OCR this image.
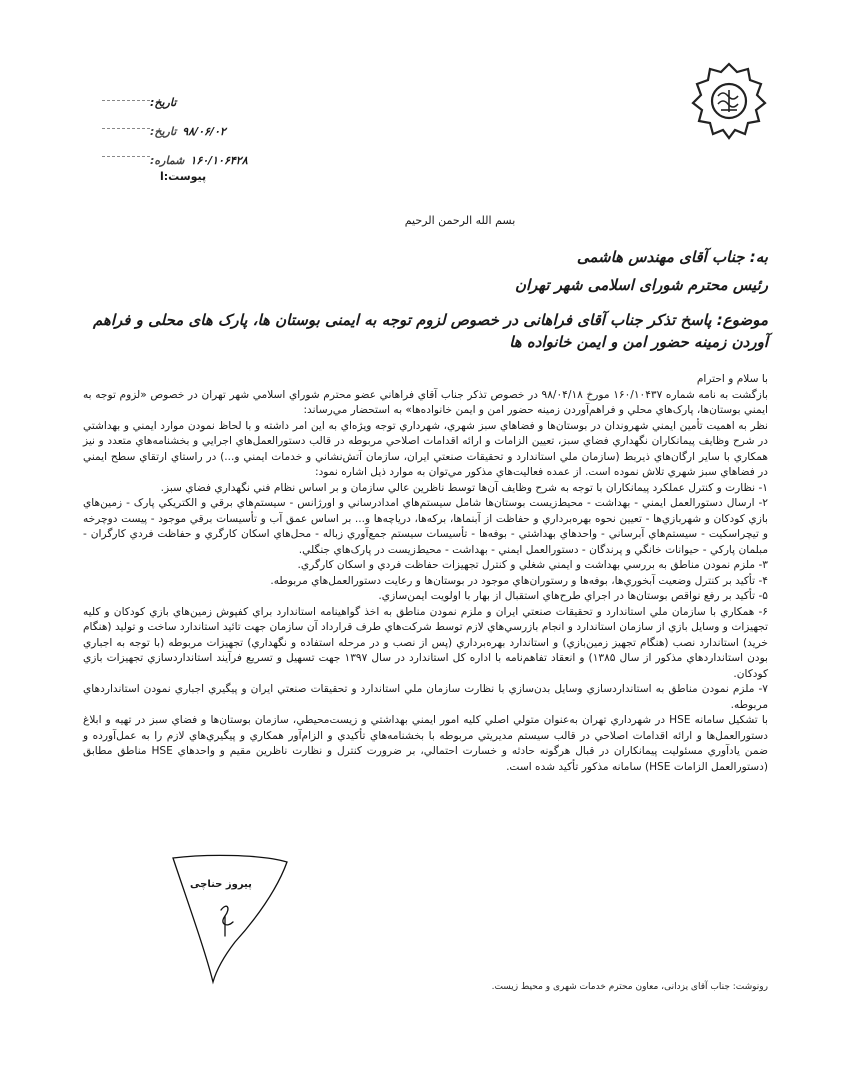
تاریخ:
۹۸/۰۶/۰۲
تاریخ:
۱۶۰/۱۰۶۴۲۸
شماره:
پیوست:ا
بسم الله الرحمن الرحیم
به: جناب آقای مهندس هاشمی
رئیس محترم شورای اسلامی شهر تهران
موضوع: پاسخ تذکر جناب آقای فراهانی در خصوص لزوم توجه به ایمنی بوستان ها، پارک های محلی و فراهم آوردن زمینه حضور امن و ایمن خانواده ها

با سلام و احترام

بازگشت به نامه شماره ۱۶۰/۱۰۴۳۷ مورخ ۹۸/۰۴/۱۸ در خصوص تذکر جناب آقاي فراهاني عضو محترم شوراي اسلامي شهر تهران در خصوص «لزوم توجه به ايمني بوستان‌ها، پارک‌هاي محلي و فراهم‌آوردن زمينه حضور امن و ايمن خانواده‌ها» به استحضار مي‌رساند:

نظر به اهميت تأمين ايمني شهروندان در بوستان‌ها و فضاهاي سبز شهري، شهرداري توجه ويژه‌اي به اين امر داشته و با لحاظ نمودن موارد ايمني و بهداشتي در شرح وظايف پيمانکاران نگهداري فضاي سبز، تعيين الزامات و ارائه اقدامات اصلاحي مربوطه در قالب دستورالعمل‌هاي اجرايي و بخشنامه‌هاي متعدد و نيز همکاري با ساير ارگان‌هاي ذيربط (سازمان ملي استاندارد و تحقيقات صنعتي ايران، سازمان آتش‌نشاني و خدمات ايمني و...) در راستاي ارتقاي سطح ايمني در فضاهاي سبز شهري تلاش نموده است. از عمده فعاليت‌هاي مذکور مي‌توان به موارد ذيل اشاره نمود:

۱- نظارت و کنترل عملکرد پيمانکاران با توجه به شرح وظايف آن‌ها توسط ناظرين عالي سازمان و بر اساس نظام فني نگهداري فضاي سبز.

۲- ارسال دستورالعمل ايمني - بهداشت - محيط‌زيست بوستان‌ها شامل سيستم‌هاي امدادرساني و اورژانس - سيستم‌هاي برقي و الکتريکي پارک - زمين‌هاي بازي کودکان و شهربازي‌ها - تعيين نحوه بهره‌برداري و حفاظت از آبنماها، برکه‌ها، درياچه‌ها و... بر اساس عمق آب و تأسيسات برقي موجود - پيست دوچرخه و تيچراسکيت - سيستم‌هاي آبرساني - واحدهاي بهداشتي - بوفه‌ها - تأسيسات سيستم جمع‌آوري زباله - محل‌هاي اسکان کارگري و حفاظت فردي کارگران - مبلمان پارکي - حيوانات خانگي و پرندگان - دستورالعمل ايمني - بهداشت - محيط‌زيست در پارک‌هاي جنگلي.

۳- ملزم نمودن مناطق به بررسي بهداشت و ايمني شغلي و کنترل تجهيزات حفاظت فردي و اسکان کارگري.

۴- تأکيد بر کنترل وضعيت آبخوري‌ها، بوفه‌ها و رستوران‌هاي موجود در بوستان‌ها و رعايت دستورالعمل‌هاي مربوطه.

۵- تأکيد بر رفع نواقص بوستان‌ها در اجراي طرح‌هاي استقبال از بهار با اولويت ايمن‌سازي.

۶- همکاري با سازمان ملي استاندارد و تحقيقات صنعتي ايران و ملزم نمودن مناطق به اخذ گواهينامه استاندارد براي کفپوش زمين‌هاي بازي کودکان و کليه تجهيزات و وسايل بازي از سازمان استاندارد و انجام بازرسي‌هاي لازم توسط شرکت‌هاي طرف قرارداد آن سازمان جهت تائيد استاندارد ساخت و توليد (هنگام خريد) استاندارد نصب (هنگام تجهيز زمين‌بازي) و استاندارد بهره‌برداري (پس از نصب و در مرحله استفاده و نگهداري) تجهيزات مربوطه (با توجه به اجباري بودن استانداردهاي مذکور از سال ۱۳۸۵) و انعقاد تفاهم‌نامه با اداره کل استاندارد در سال ۱۳۹۷ جهت تسهيل و تسريع فرآيند استانداردسازي تجهيزات بازي کودکان.

۷- ملزم نمودن مناطق به استانداردسازي وسايل بدن‌سازي با نظارت سازمان ملي استاندارد و تحقيقات صنعتي ايران و پيگيري اجباري نمودن استانداردهاي مربوطه.

با تشکيل سامانه HSE در شهرداري تهران به‌عنوان متولي اصلي کليه امور ايمني بهداشتي و زيست‌محيطي، سازمان بوستان‌ها و فضاي سبز در تهيه و ابلاغ دستورالعمل‌ها و ارائه اقدامات اصلاحي در قالب سيستم مديريتي مربوطه با بخشنامه‌هاي تأکيدي و الزام‌آور همکاري و پيگيري‌هاي لازم را به عمل‌آورده و ضمن يادآوري مسئوليت پيمانکاران در قبال هرگونه حادثه و خسارت احتمالي، بر ضرورت کنترل و نظارت ناظرين مقيم و واحدهاي HSE مناطق مطابق (دستورالعمل الزامات HSE) سامانه مذکور تأکيد شده است.

پیروز حناچی
رونوشت: جناب آقای یزدانی، معاون محترم خدمات شهری و محیط زیست.
